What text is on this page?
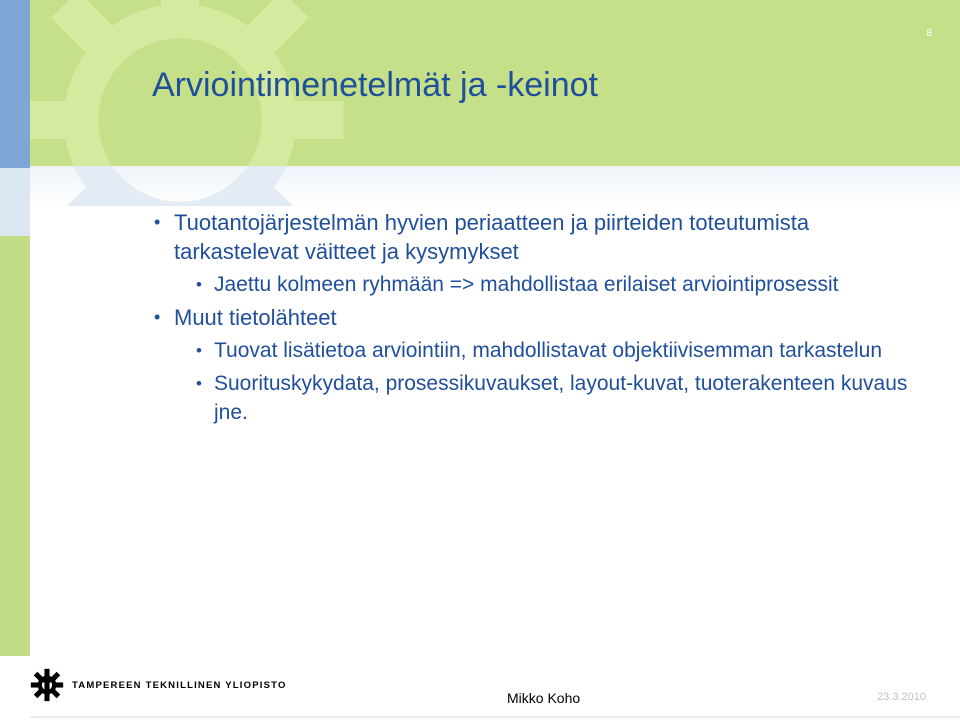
8
Arviointimenetelmät ja -keinot
• Tuotantojärjestelmän hyvien periaatteen ja piirteiden toteutumista tarkastelevat väitteet ja kysymykset
• Jaettu kolmeen ryhmään => mahdollistaa erilaiset arviointiprosessit
• Muut tietolähteet
• Tuovat lisätietoa arviointiin, mahdollistavat objektiivisemman tarkastelun
• Suorituskykydata, prosessikuvaukset, layout-kuvat, tuoterakenteen kuvaus jne.
TAMPEREEN TEKNILLINEN YLIOPISTO
Mikko Koho	23.3.2010
